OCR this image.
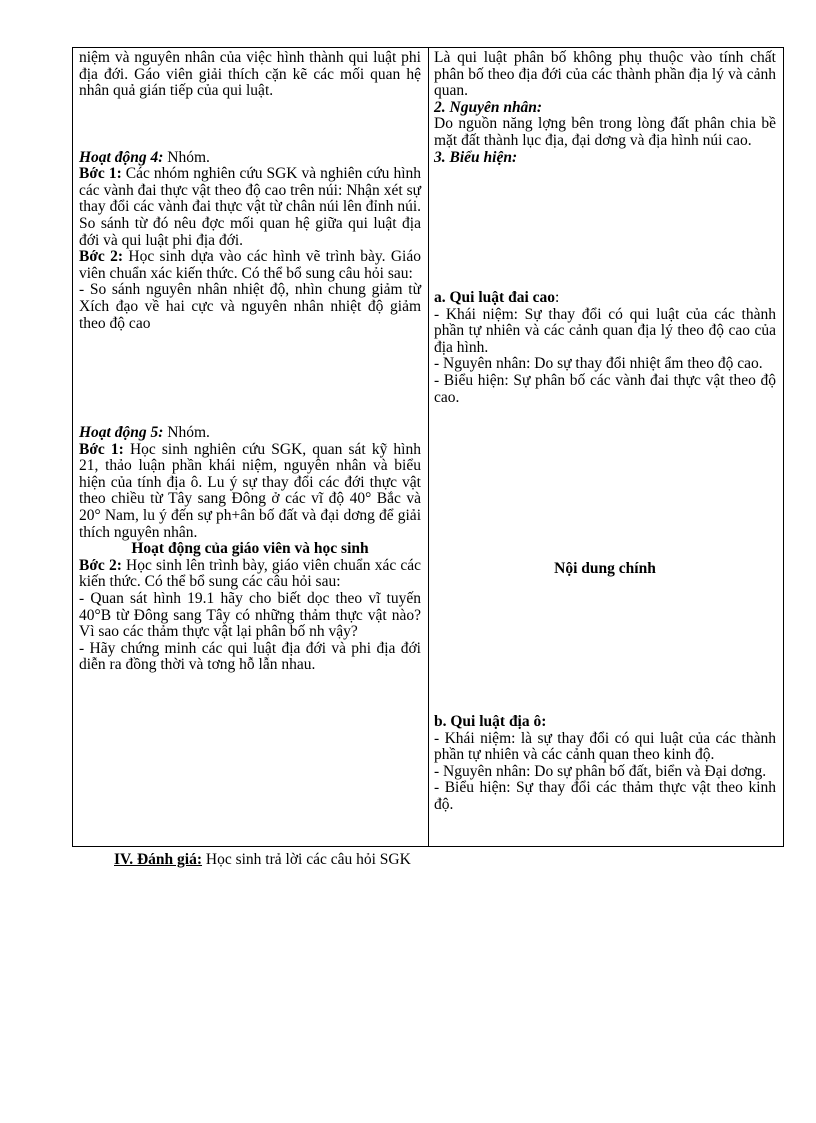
niệm và nguyên nhân của việc hình thành qui luật phi địa đới. Gáo viên giải thích cặn kẽ các mối quan hệ nhân quả gián tiếp của qui luật.

Hoạt động 4: Nhóm.

Bớc 1: Các nhóm nghiên cứu SGK và nghiên cứu hình các vành đai thực vật theo độ cao trên núi: Nhận xét sự thay đổi các vành đai thực vật từ chân núi lên đỉnh núi. So sánh từ đó nêu đợc mối quan hệ giữa qui luật địa đới và qui luật phi địa đới.

Bớc 2: Học sinh dựa vào các hình vẽ trình bày. Giáo viên chuẩn xác kiến thức. Có thể bổ sung câu hỏi sau:

- So sánh nguyên nhân nhiệt độ, nhìn chung giảm từ Xích đạo về hai cực và nguyên nhân nhiệt độ giảm theo độ cao

Hoạt động 5: Nhóm.

Bớc 1: Học sinh nghiên cứu SGK, quan sát kỹ hình 21, thảo luận phần khái niệm, nguyên nhân và biểu hiện của tính địa ô. Lu ý sự thay đổi các đới thực vật theo chiều từ Tây sang Đông ở các vĩ độ 40° Bắc và 20° Nam, lu ý đến sự ph+ân bố đất và đại dơng để giải thích nguyên nhân.

Hoạt động của giáo viên và học sinh

Bớc 2: Học sinh lên trình bày, giáo viên chuẩn xác các kiến thức. Có thể bổ sung các câu hỏi sau:

- Quan sát hình 19.1 hãy cho biết dọc theo vĩ tuyến 40°B từ Đông sang Tây có những thảm thực vật nào? Vì sao các thảm thực vật lại phân bố nh vậy?

- Hãy chứng minh các qui luật địa đới và phi địa đới diễn ra đồng thời và tơng hỗ lẫn nhau.

Là qui luật phân bố không phụ thuộc vào tính chất phân bố theo địa đới của các thành phần địa lý và cảnh quan.

2. Nguyên nhân:

Do nguồn năng lợng bên trong lòng đất phân chia bề mặt đất thành lục địa, đại dơng và địa hình núi cao.

3. Biểu hiện:

a. Qui luật đai cao:

- Khái niệm: Sự thay đổi có qui luật của các thành phần tự nhiên và các cảnh quan địa lý theo độ cao của địa hình.

- Nguyên nhân: Do sự thay đổi nhiệt ẩm theo độ cao.

- Biểu hiện: Sự phân bố các vành đai thực vật theo độ cao.

Nội dung chính

b. Qui luật địa ô:

- Khái niệm: là sự thay đổi có qui luật của các thành phần tự nhiên và các cảnh quan theo kinh độ.

- Nguyên nhân: Do sự phân bố đất, biển và Đại dơng.

- Biểu hiện: Sự thay đổi các thảm thực vật theo kinh độ.

IV. Đánh giá: Học sinh trả lời các câu hỏi SGK
